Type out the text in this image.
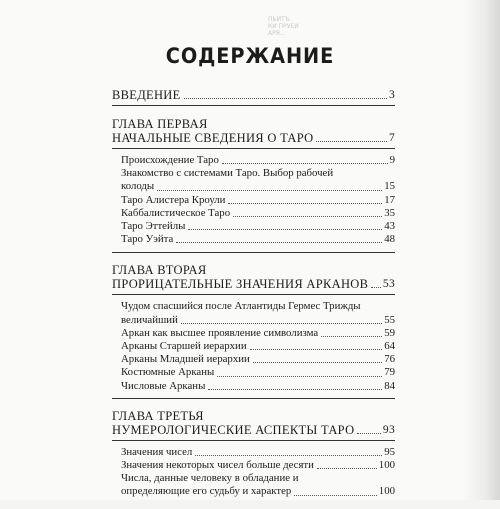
ПЬИТЪ
КИ ПРУЕИ
АРЯ...
СОДЕРЖАНИЕ
ВВЕДЕНИЕ	3
ГЛАВА ПЕРВАЯ
НАЧАЛЬНЫЕ СВЕДЕНИЯ О ТАРО	7
Происхождение Таро	9
Знакомство с системами Таро. Выбор рабочей
колоды	15
Таро Алистера Кроули	17
Каббалистическое Таро	35
Таро Эттейлы	43
Таро Уэйта	48
ГЛАВА ВТОРАЯ
ПРОРИЦАТЕЛЬНЫЕ ЗНАЧЕНИЯ АРКАНОВ 53
Чудом спасшийся после Атлантиды Гермес Трижды
величайший	55
Аркан как высшее проявление символизма	59
Арканы Старшей иерархии	64
Арканы Младшей иерархии	76
Костюмные Арканы	79
Числовые Арканы	84
ГЛАВА ТРЕТЬЯ
НУМЕРОЛОГИЧЕСКИЕ АСПЕКТЫ ТАРО 93
Значения чисел	95
Значения некоторых чисел больше десяти	100
Числа, данные человеку в обладание и
определяющие его судьбу и характер	100
